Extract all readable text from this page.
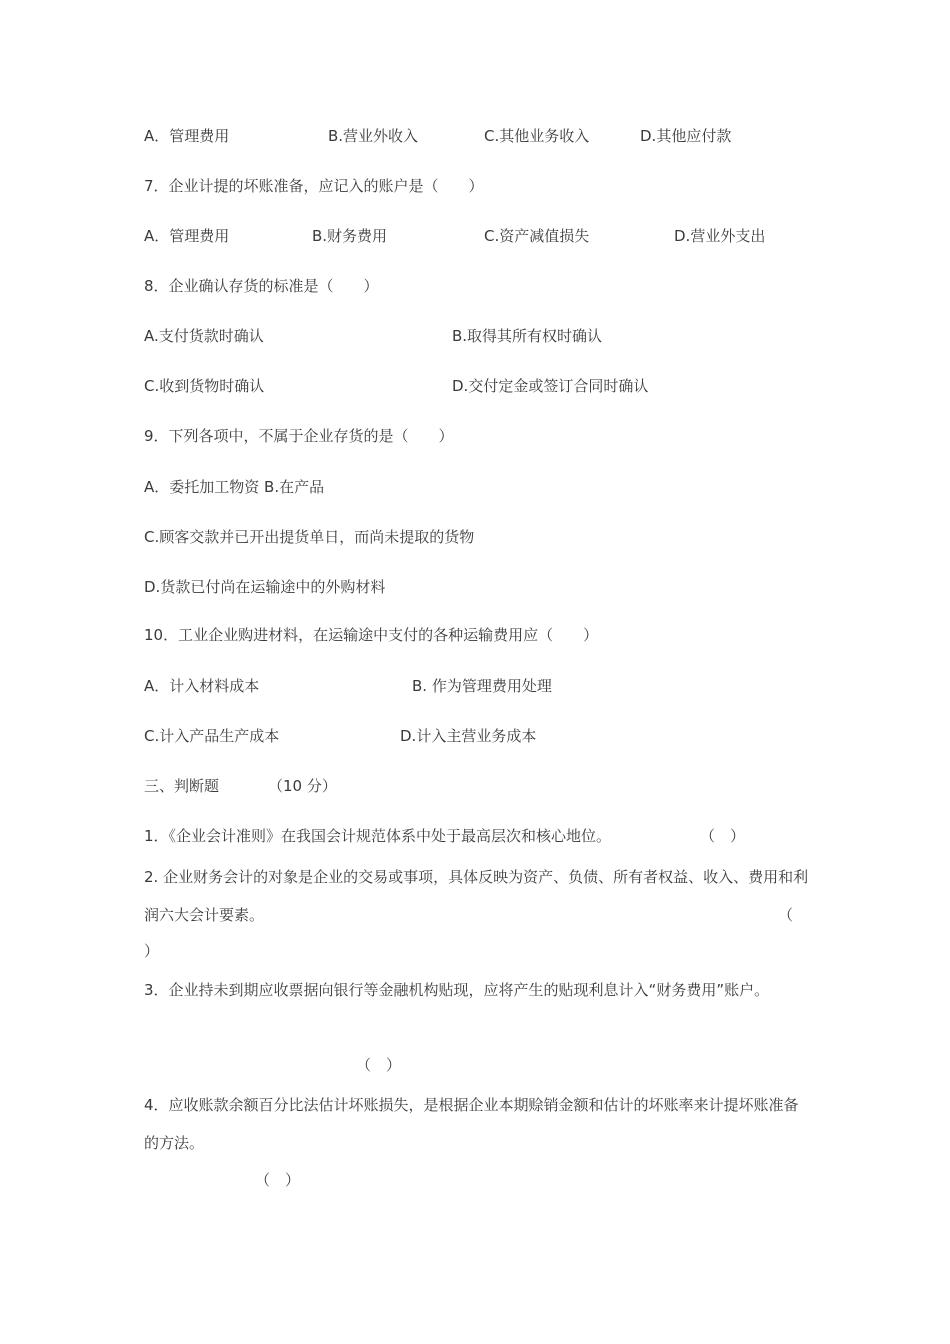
A．管理费用	B.营业外收入	C.其他业务收入	D.其他应付款
7．企业计提的坏账准备，应记入的账户是（　　）
A．管理费用	B.财务费用	C.资产减值损失	D.营业外支出
8．企业确认存货的标准是（　　）
A.支付货款时确认	B.取得其所有权时确认
C.收到货物时确认	D.交付定金或签订合同时确认
9．下列各项中，不属于企业存货的是（　　）
A．委托加工物资 B.在产品
C.顾客交款并已开出提货单日，而尚未提取的货物
D.货款已付尚在运输途中的外购材料
10．工业企业购进材料，在运输途中支付的各种运输费用应（　　）
A．计入材料成本	B. 作为管理费用处理
C.计入产品生产成本	D.计入主营业务成本
三、判断题	（10 分）
1．《企业会计准则》在我国会计规范体系中处于最高层次和核心地位。	（　）
2. 企业财务会计的对象是企业的交易或事项，具体反映为资产、负债、所有者权益、收入、费用和利润六大会计要素。	（
）
3．企业持未到期应收票据向银行等金融机构贴现，应将产生的贴现利息计入“财务费用”账户。
（　）
4．应收账款余额百分比法估计坏账损失，是根据企业本期赊销金额和估计的坏账率来计提坏账准备的方法。
（　）
